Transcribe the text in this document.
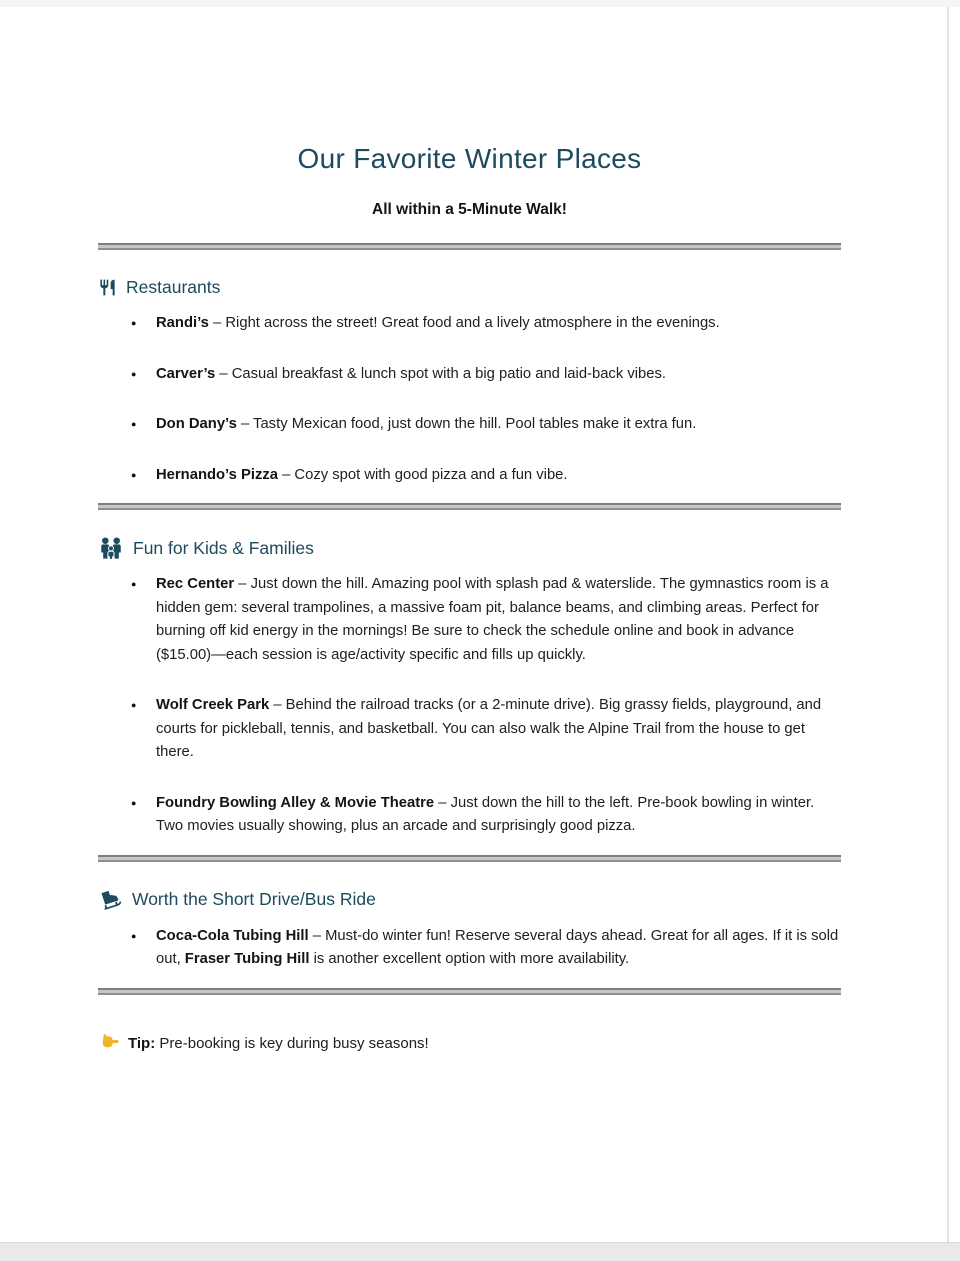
Our Favorite Winter Places
All within a 5-Minute Walk!
Restaurants
● Randi’s – Right across the street! Great food and a lively atmosphere in the evenings.
● Carver’s – Casual breakfast & lunch spot with a big patio and laid-back vibes.
● Don Dany’s – Tasty Mexican food, just down the hill. Pool tables make it extra fun.
● Hernando’s Pizza – Cozy spot with good pizza and a fun vibe.
Fun for Kids & Families
● Rec Center – Just down the hill. Amazing pool with splash pad & waterslide. The gymnastics room is a hidden gem: several trampolines, a massive foam pit, balance beams, and climbing areas. Perfect for burning off kid energy in the mornings! Be sure to check the schedule online and book in advance ($15.00)—each session is age/activity specific and fills up quickly.
● Wolf Creek Park – Behind the railroad tracks (or a 2-minute drive). Big grassy fields, playground, and courts for pickleball, tennis, and basketball. You can also walk the Alpine Trail from the house to get there.
● Foundry Bowling Alley & Movie Theatre – Just down the hill to the left. Pre-book bowling in winter. Two movies usually showing, plus an arcade and surprisingly good pizza.
Worth the Short Drive/Bus Ride
● Coca-Cola Tubing Hill – Must-do winter fun! Reserve several days ahead. Great for all ages. If it is sold out, Fraser Tubing Hill is another excellent option with more availability.
Tip: Pre-booking is key during busy seasons!
